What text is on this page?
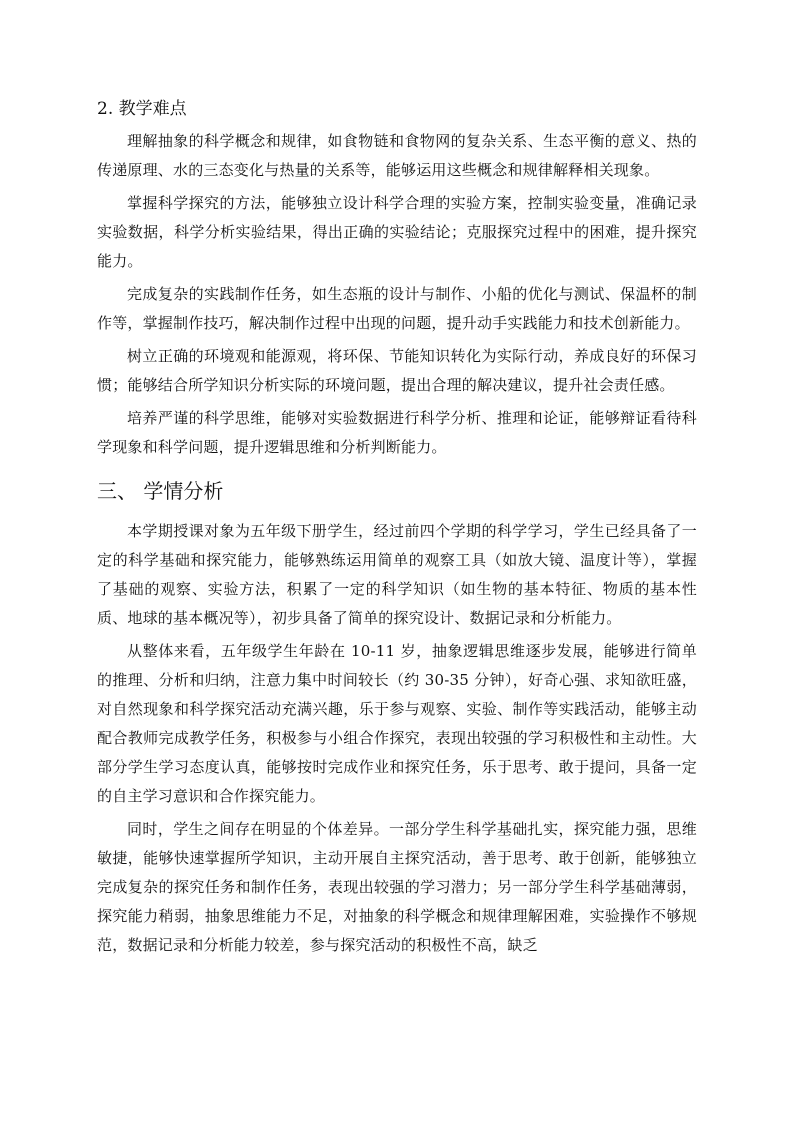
2. 教学难点

理解抽象的科学概念和规律，如食物链和食物网的复杂关系、生态平衡的意义、热的传递原理、水的三态变化与热量的关系等，能够运用这些概念和规律解释相关现象。

掌握科学探究的方法，能够独立设计科学合理的实验方案，控制实验变量，准确记录实验数据，科学分析实验结果，得出正确的实验结论；克服探究过程中的困难，提升探究能力。

完成复杂的实践制作任务，如生态瓶的设计与制作、小船的优化与测试、保温杯的制作等，掌握制作技巧，解决制作过程中出现的问题，提升动手实践能力和技术创新能力。

树立正确的环境观和能源观，将环保、节能知识转化为实际行动，养成良好的环保习惯；能够结合所学知识分析实际的环境问题，提出合理的解决建议，提升社会责任感。

培养严谨的科学思维，能够对实验数据进行科学分析、推理和论证，能够辩证看待科学现象和科学问题，提升逻辑思维和分析判断能力。

三、 学情分析

本学期授课对象为五年级下册学生，经过前四个学期的科学学习，学生已经具备了一定的科学基础和探究能力，能够熟练运用简单的观察工具（如放大镜、温度计等），掌握了基础的观察、实验方法，积累了一定的科学知识（如生物的基本特征、物质的基本性质、地球的基本概况等），初步具备了简单的探究设计、数据记录和分析能力。

从整体来看，五年级学生年龄在 10-11 岁，抽象逻辑思维逐步发展，能够进行简单的推理、分析和归纳，注意力集中时间较长（约 30-35 分钟），好奇心强、求知欲旺盛，对自然现象和科学探究活动充满兴趣，乐于参与观察、实验、制作等实践活动，能够主动配合教师完成教学任务，积极参与小组合作探究，表现出较强的学习积极性和主动性。大部分学生学习态度认真，能够按时完成作业和探究任务，乐于思考、敢于提问，具备一定的自主学习意识和合作探究能力。

同时，学生之间存在明显的个体差异。一部分学生科学基础扎实，探究能力强，思维敏捷，能够快速掌握所学知识，主动开展自主探究活动，善于思考、敢于创新，能够独立完成复杂的探究任务和制作任务，表现出较强的学习潜力；另一部分学生科学基础薄弱，探究能力稍弱，抽象思维能力不足，对抽象的科学概念和规律理解困难，实验操作不够规范，数据记录和分析能力较差，参与探究活动的积极性不高，缺乏
